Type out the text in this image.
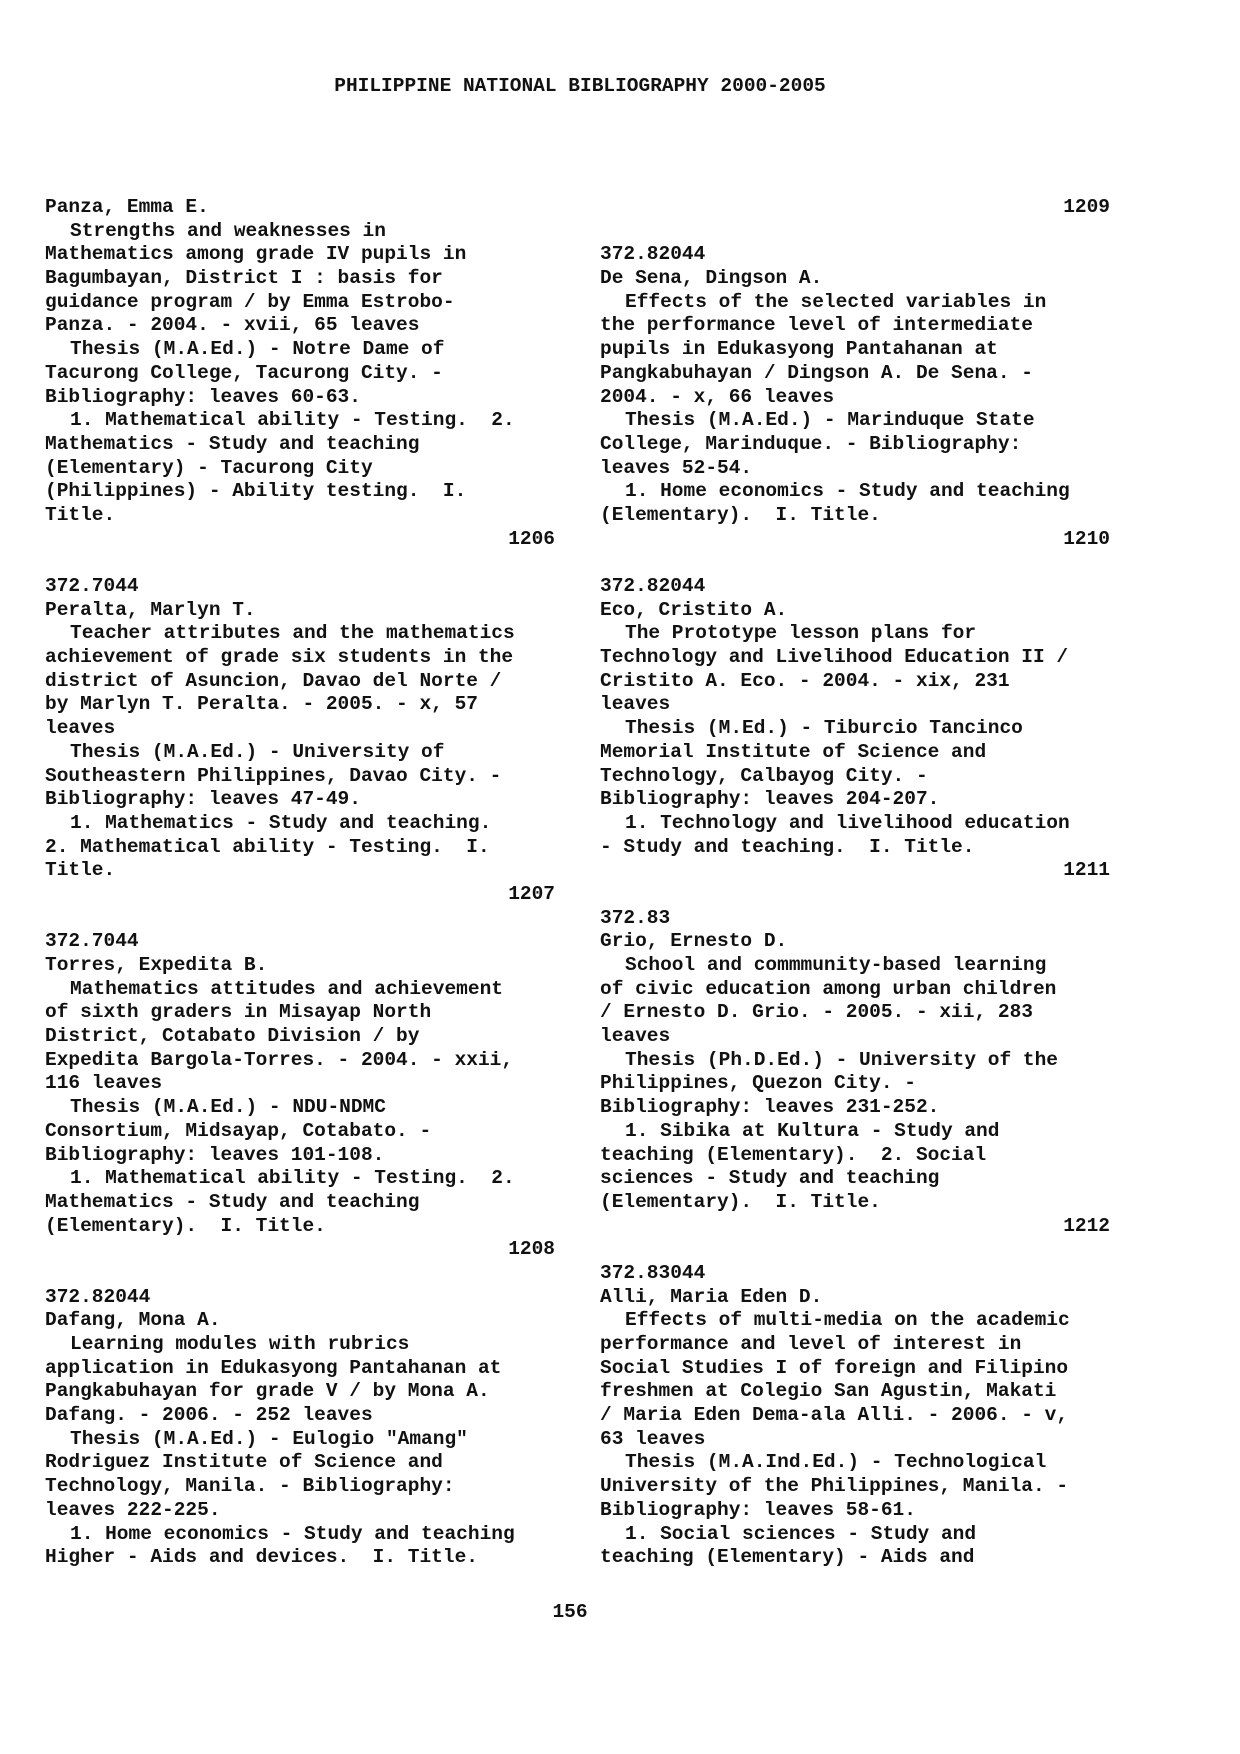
PHILIPPINE NATIONAL BIBLIOGRAPHY 2000-2005
Panza, Emma E.
Strengths and weaknesses in
Mathematics among grade IV pupils in
Bagumbayan, District I : basis for
guidance program / by Emma Estrobo-
Panza. - 2004. - xvii, 65 leaves
Thesis (M.A.Ed.) - Notre Dame of
Tacurong College, Tacurong City. -
Bibliography: leaves 60-63.
1. Mathematical ability - Testing.  2.
Mathematics - Study and teaching
(Elementary) - Tacurong City
(Philippines) - Ability testing.  I.
Title.
1206
372.7044
Peralta, Marlyn T.
Teacher attributes and the mathematics
achievement of grade six students in the
district of Asuncion, Davao del Norte /
by Marlyn T. Peralta. - 2005. - x, 57
leaves
Thesis (M.A.Ed.) - University of
Southeastern Philippines, Davao City. -
Bibliography: leaves 47-49.
1. Mathematics - Study and teaching.
2. Mathematical ability - Testing.  I.
Title.
1207
372.7044
Torres, Expedita B.
Mathematics attitudes and achievement
of sixth graders in Misayap North
District, Cotabato Division / by
Expedita Bargola-Torres. - 2004. - xxii,
116 leaves
Thesis (M.A.Ed.) - NDU-NDMC
Consortium, Midsayap, Cotabato. -
Bibliography: leaves 101-108.
1. Mathematical ability - Testing.  2.
Mathematics - Study and teaching
(Elementary).  I. Title.
1208
372.82044
Dafang, Mona A.
Learning modules with rubrics
application in Edukasyong Pantahanan at
Pangkabuhayan for grade V / by Mona A.
Dafang. - 2006. - 252 leaves
Thesis (M.A.Ed.) - Eulogio "Amang"
Rodriguez Institute of Science and
Technology, Manila. - Bibliography:
leaves 222-225.
1. Home economics - Study and teaching
Higher - Aids and devices.  I. Title.
1209
372.82044
De Sena, Dingson A.
Effects of the selected variables in
the performance level of intermediate
pupils in Edukasyong Pantahanan at
Pangkabuhayan / Dingson A. De Sena. -
2004. - x, 66 leaves
Thesis (M.A.Ed.) - Marinduque State
College, Marinduque. - Bibliography:
leaves 52-54.
1. Home economics - Study and teaching
(Elementary).  I. Title.
1210
372.82044
Eco, Cristito A.
The Prototype lesson plans for
Technology and Livelihood Education II /
Cristito A. Eco. - 2004. - xix, 231
leaves
Thesis (M.Ed.) - Tiburcio Tancinco
Memorial Institute of Science and
Technology, Calbayog City. -
Bibliography: leaves 204-207.
1. Technology and livelihood education
- Study and teaching.  I. Title.
1211
372.83
Grio, Ernesto D.
School and commmunity-based learning
of civic education among urban children
/ Ernesto D. Grio. - 2005. - xii, 283
leaves
Thesis (Ph.D.Ed.) - University of the
Philippines, Quezon City. -
Bibliography: leaves 231-252.
1. Sibika at Kultura - Study and
teaching (Elementary).  2. Social
sciences - Study and teaching
(Elementary).  I. Title.
1212
372.83044
Alli, Maria Eden D.
Effects of multi-media on the academic
performance and level of interest in
Social Studies I of foreign and Filipino
freshmen at Colegio San Agustin, Makati
/ Maria Eden Dema-ala Alli. - 2006. - v,
63 leaves
Thesis (M.A.Ind.Ed.) - Technological
University of the Philippines, Manila. -
Bibliography: leaves 58-61.
1. Social sciences - Study and
teaching (Elementary) - Aids and
156
